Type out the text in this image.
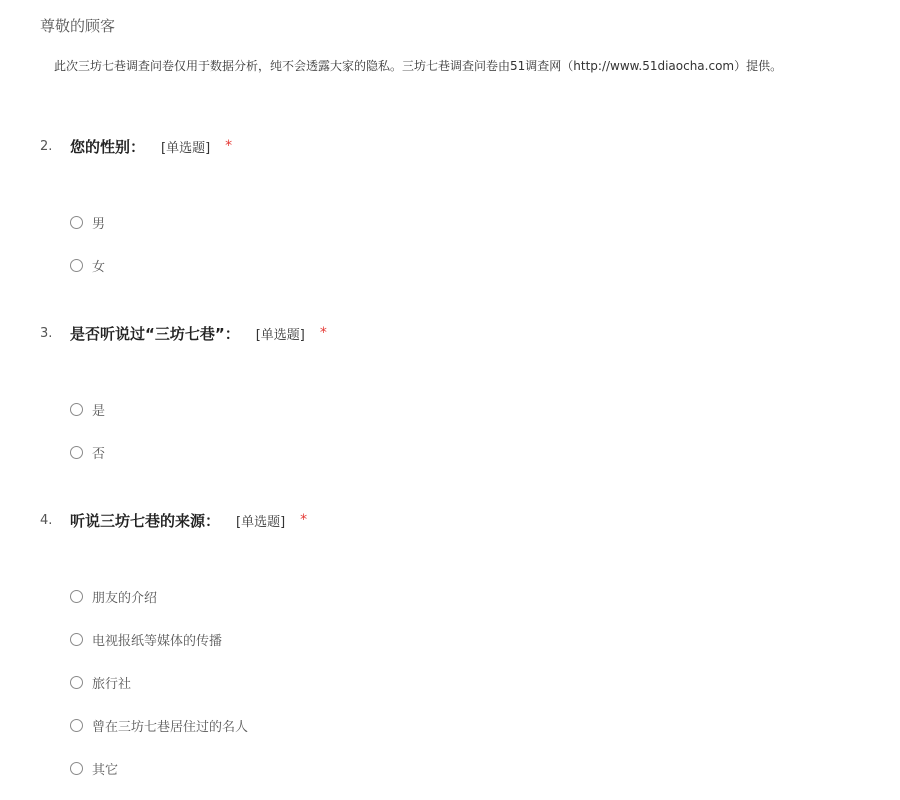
尊敬的顾客
此次三坊七巷调查问卷仅用于数据分析，纯不会透露大家的隐私。三坊七巷调查问卷由51调查网（http://www.51diaocha.com）提供。
2.	您的性别： [单选题] *
男
女
3.	是否听说过“三坊七巷”： [单选题] *
是
否
4.	听说三坊七巷的来源： [单选题] *
朋友的介绍
电视报纸等媒体的传播
旅行社
曾在三坊七巷居住过的名人
其它
